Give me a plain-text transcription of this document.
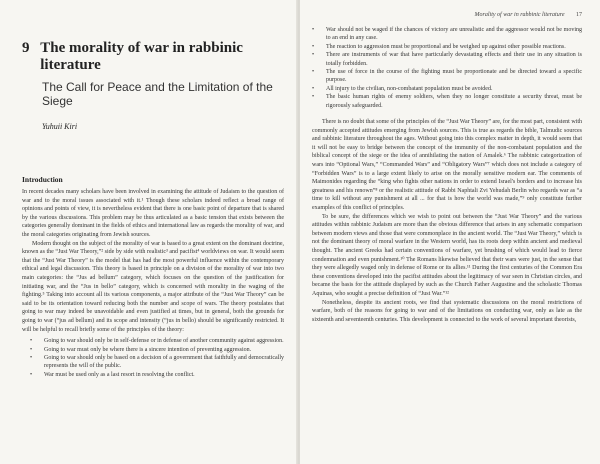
9 The morality of war in rabbinic literature
The Call for Peace and the Limitation of the Siege
Yuhuii Kiri
Introduction

In recent decades many scholars have been involved in examining the attitude of Judaism to the question of war and to the moral issues associated with it.¹ Though these scholars indeed reflect a broad range of opinions and points of view, it is nevertheless evident that there is one basic point of departure that is shared by the various discussions. This problem may be thus articulated as a basic tension that exists between the categories generally dominant in the fields of ethics and international law as regards the morality of war, and the moral categories originating from Jewish sources.

Modern thought on the subject of the morality of war is based to a great extent on the dominant doctrine, known as the “Just War Theory,”² side by side with realistic³ and pacifist⁴ worldviews on war. It would seem that the “Just War Theory” is the model that has had the most powerful influence within the contemporary ethical and legal discussion. This theory is based in principle on a division of the morality of war into two main categories: the “Jus ad bellum” category, which focuses on the question of the justification for initiating war, and the “Jus in bello” category, which is concerned with morality in the waging of the fighting.⁵ Taking into account all its various components, a major attribute of the “Just War Theory” can be said to be its orientation toward reducing both the number and scope of wars. The theory postulates that going to war may indeed be unavoidable and even justified at times, but in general, both the grounds for going to war (“jus ad bellum) and its scope and intensity (“jus in bello) should be significantly restricted. It will be helpful to recall briefly some of the principles of the theory:

• Going to war should only be in self-defense or in defense of another community against aggression.
• Going to war must only be where there is a sincere intention of preventing aggression.
• Going to war should only be based on a decision of a government that faithfully and democratically represents the will of the public.
• War must be used only as a last resort in resolving the conflict.
Morality of war in rabbinic literature 17
• War should not be waged if the chances of victory are unrealistic and the aggressor would not be moving to an end in any case.
• The reaction to aggression must be proportional and be weighed up against other possible reactions.
• There are instruments of war that have particularly devastating effects and their use in any situation is totally forbidden.
• The use of force in the course of the fighting must be proportionate and be directed toward a specific purpose.
• All injury to the civilian, non-combatant population must be avoided.
• The basic human rights of enemy soldiers, when they no longer constitute a security threat, must be rigorously safeguarded.

There is no doubt that some of the principles of the “Just War Theory” are, for the most part, consistent with commonly accepted attitudes emerging from Jewish sources. This is true as regards the bible, Talmudic sources and rabbinic literature throughout the ages. Without going into this complex matter in depth, it would seem that it will not be easy to bridge between the concept of the immunity of the non-combatant population and the biblical concept of the siege or the idea of annihilating the nation of Amalek.⁶ The rabbinic categorization of wars into “Optional Wars,” “Commanded Wars” and “Obligatory Wars”⁷ which does not include a category of “Forbidden Wars” is to a large extent likely to arise on the morally sensitive modern ear. The comments of Maimonides regarding the “king who fights other nations in order to extend Israel's borders and to increase his greatness and his renown”⁸ or the realistic attitude of Rabbi Naphtali Zvi Yehudah Berlin who regards war as “a time to kill without any punishment at all ... for that is how the world was made,”⁹ only constitute further examples of this conflict of principles.

To be sure, the differences which we wish to point out between the “Just War Theory” and the various attitudes within rabbinic Judaism are more than the obvious difference that arises in any schematic comparison between modern views and those that were commonplace in the ancient world. The “Just War Theory,” which is not the dominant theory of moral warfare in the Western world, has its roots deep within ancient and medieval thought. The ancient Greeks had certain conventions of warfare, yet brushing of which would lead to fierce condemnation and even punishment.¹⁰ The Romans likewise believed that their wars were just, in the sense that they were allegedly waged only in defense of Rome or its allies.¹¹ During the first centuries of the Common Era these conventions developed into the pacifist attitudes about the legitimacy of war seen in Christian circles, and became the basis for the attitude displayed by such as the Church Father Augustine and the scholastic Thomas Aquinas, who sought a precise definition of “Just War.”¹²

Nonetheless, despite its ancient roots, we find that systematic discussions on the moral restrictions of warfare, both of the reasons for going to war and of the limitations on conducting war, only as late as the sixteenth and seventeenth centuries. This development is connected to the work of several important theorists,
